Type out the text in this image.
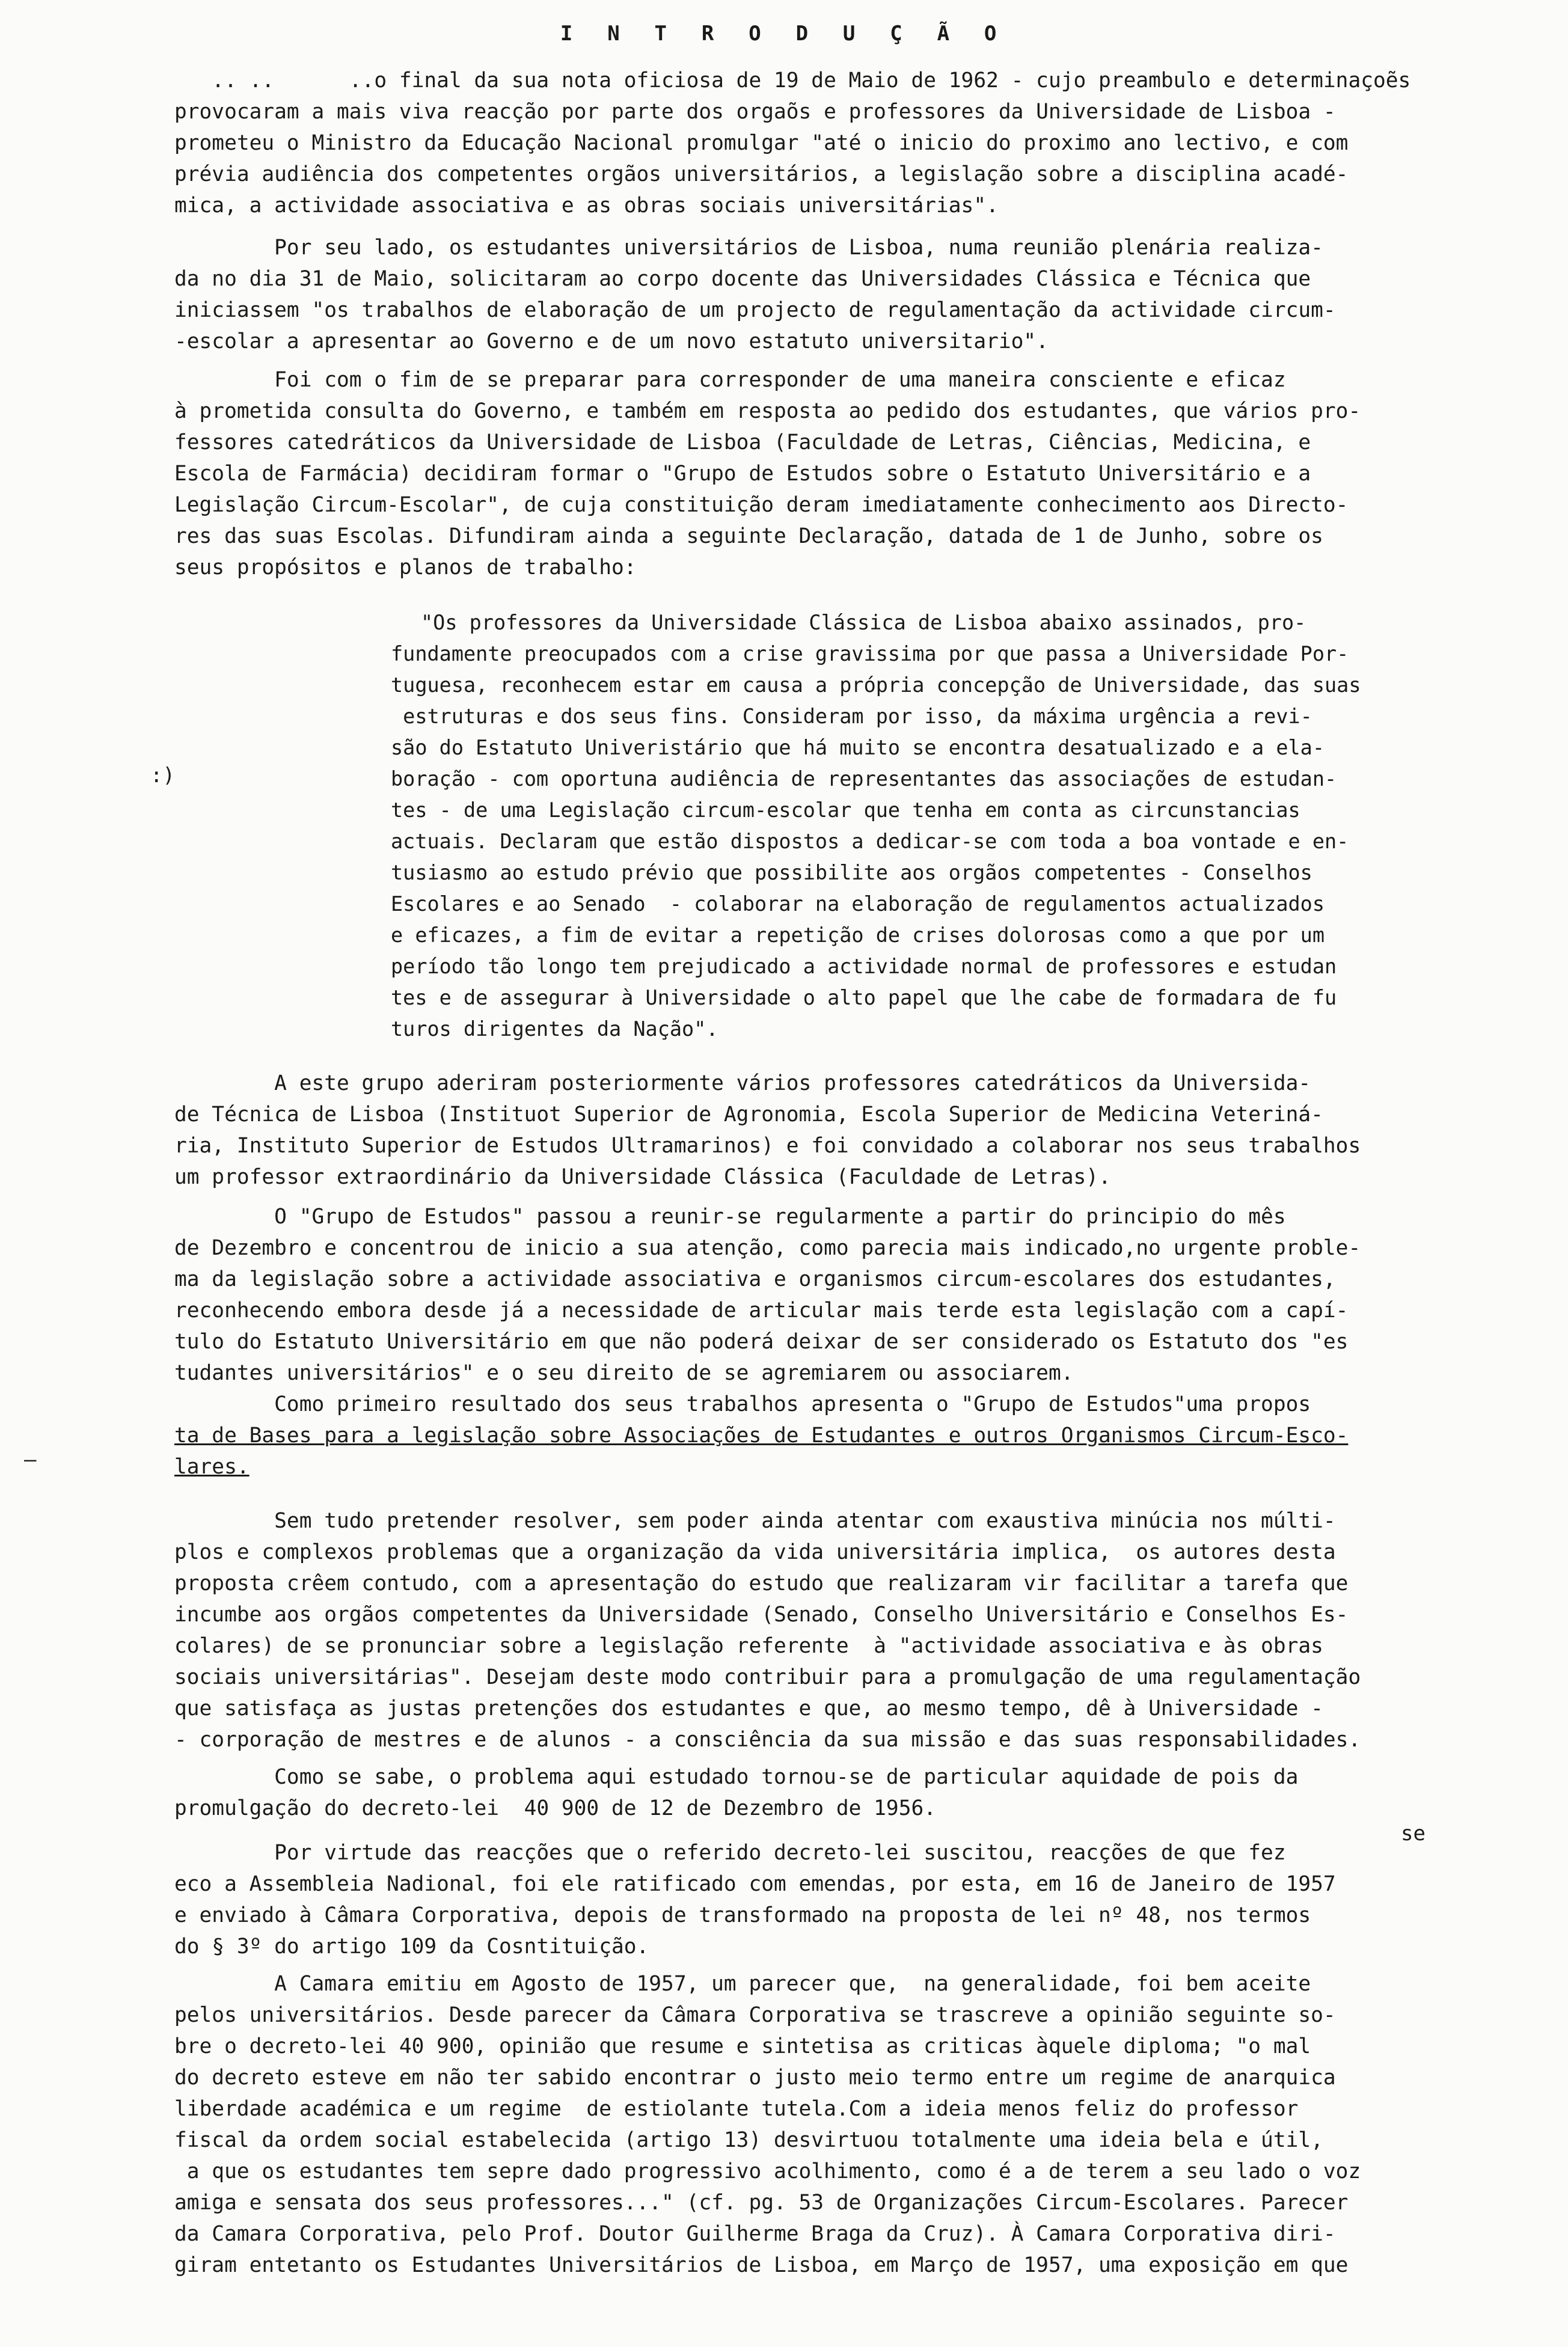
I N T R O D U Ç Ã O
.. ..      ..o final da sua nota oficiosa de 19 de Maio de 1962 - cujo preambulo e determinaçoẽs
provocaram a mais viva reacção por parte dos orgaõs e professores da Universidade de Lisboa -
prometeu o Ministro da Educação Nacional promulgar "até o inicio do proximo ano lectivo, e com
prévia audiência dos competentes orgãos universitários, a legislação sobre a disciplina acadé-
mica, a actividade associativa e as obras sociais universitárias".
Por seu lado, os estudantes universitários de Lisboa, numa reunião plenária realiza-
da no dia 31 de Maio, solicitaram ao corpo docente das Universidades Clássica e Técnica que
iniciassem "os trabalhos de elaboração de um projecto de regulamentação da actividade circum-
-escolar a apresentar ao Governo e de um novo estatuto universitario".
Foi com o fim de se preparar para corresponder de uma maneira consciente e eficaz
à prometida consulta do Governo, e também em resposta ao pedido dos estudantes, que vários pro-
fessores catedráticos da Universidade de Lisboa (Faculdade de Letras, Ciências, Medicina, e
Escola de Farmácia) decidiram formar o "Grupo de Estudos sobre o Estatuto Universitário e a
Legislação Circum-Escolar", de cuja constituição deram imediatamente conhecimento aos Directo-
res das suas Escolas. Difundiram ainda a seguinte Declaração, datada de 1 de Junho, sobre os
seus propósitos e planos de trabalho:
"Os professores da Universidade Clássica de Lisboa abaixo assinados, pro-
fundamente preocupados com a crise gravissima por que passa a Universidade Por-
tuguesa, reconhecem estar em causa a própria concepção de Universidade, das suas
estruturas e dos seus fins. Consideram por isso, da máxima urgência a revi-
são do Estatuto Univeristário que há muito se encontra desatualizado e a ela-
boração - com oportuna audiência de representantes das associações de estudan-
tes - de uma Legislação circum-escolar que tenha em conta as circunstancias
actuais. Declaram que estão dispostos a dedicar-se com toda a boa vontade e en-
tusiasmo ao estudo prévio que possibilite aos orgãos competentes - Conselhos
Escolares e ao Senado  - colaborar na elaboração de regulamentos actualizados
e eficazes, a fim de evitar a repetição de crises dolorosas como a que por um
período tão longo tem prejudicado a actividade normal de professores e estudan
tes e de assegurar à Universidade o alto papel que lhe cabe de formadara de fu
turos dirigentes da Nação".
A este grupo aderiram posteriormente vários professores catedráticos da Universida-
de Técnica de Lisboa (Instituot Superior de Agronomia, Escola Superior de Medicina Veteriná-
ria, Instituto Superior de Estudos Ultramarinos) e foi convidado a colaborar nos seus trabalhos
um professor extraordinário da Universidade Clássica (Faculdade de Letras).
O "Grupo de Estudos" passou a reunir-se regularmente a partir do principio do mês
de Dezembro e concentrou de inicio a sua atenção, como parecia mais indicado,no urgente proble-
ma da legislação sobre a actividade associativa e organismos circum-escolares dos estudantes,
reconhecendo embora desde já a necessidade de articular mais terde esta legislação com a capí-
tulo do Estatuto Universitário em que não poderá deixar de ser considerado os Estatuto dos "es
tudantes universitários" e o seu direito de se agremiarem ou associarem.
Como primeiro resultado dos seus trabalhos apresenta o "Grupo de Estudos"uma propos
ta de Bases para a legislação sobre Associações de Estudantes e outros Organismos Circum-Esco-
lares.
Sem tudo pretender resolver, sem poder ainda atentar com exaustiva minúcia nos múlti-
plos e complexos problemas que a organização da vida universitária implica,  os autores desta
proposta crêem contudo, com a apresentação do estudo que realizaram vir facilitar a tarefa que
incumbe aos orgãos competentes da Universidade (Senado, Conselho Universitário e Conselhos Es-
colares) de se pronunciar sobre a legislação referente  à "actividade associativa e às obras
sociais universitárias". Desejam deste modo contribuir para a promulgação de uma regulamentação
que satisfaça as justas pretenções dos estudantes e que, ao mesmo tempo, dê à Universidade -
- corporação de mestres e de alunos - a consciência da sua missão e das suas responsabilidades.
Como se sabe, o problema aqui estudado tornou-se de particular aquidade de pois da
promulgação do decreto-lei  40 900 de 12 de Dezembro de 1956.
se
Por virtude das reacções que o referido decreto-lei suscitou, reacções de que fez
eco a Assembleia Nadional, foi ele ratificado com emendas, por esta, em 16 de Janeiro de 1957
e enviado à Câmara Corporativa, depois de transformado na proposta de lei nº 48, nos termos
do § 3º do artigo 109 da Cosntituição.
A Camara emitiu em Agosto de 1957, um parecer que,  na generalidade, foi bem aceite
pelos universitários. Desde parecer da Câmara Corporativa se trascreve a opinião seguinte so-
bre o decreto-lei 40 900, opinião que resume e sintetisa as criticas àquele diploma; "o mal
do decreto esteve em não ter sabido encontrar o justo meio termo entre um regime de anarquica
liberdade académica e um regime  de estiolante tutela.Com a ideia menos feliz do professor
fiscal da ordem social estabelecida (artigo 13) desvirtuou totalmente uma ideia bela e útil,
a que os estudantes tem sepre dado progressivo acolhimento, como é a de terem a seu lado o voz
amiga e sensata dos seus professores..." (cf. pg. 53 de Organizações Circum-Escolares. Parecer
da Camara Corporativa, pelo Prof. Doutor Guilherme Braga da Cruz). À Camara Corporativa diri-
giram entetanto os Estudantes Universitários de Lisboa, em Março de 1957, uma exposição em que
:)
—
